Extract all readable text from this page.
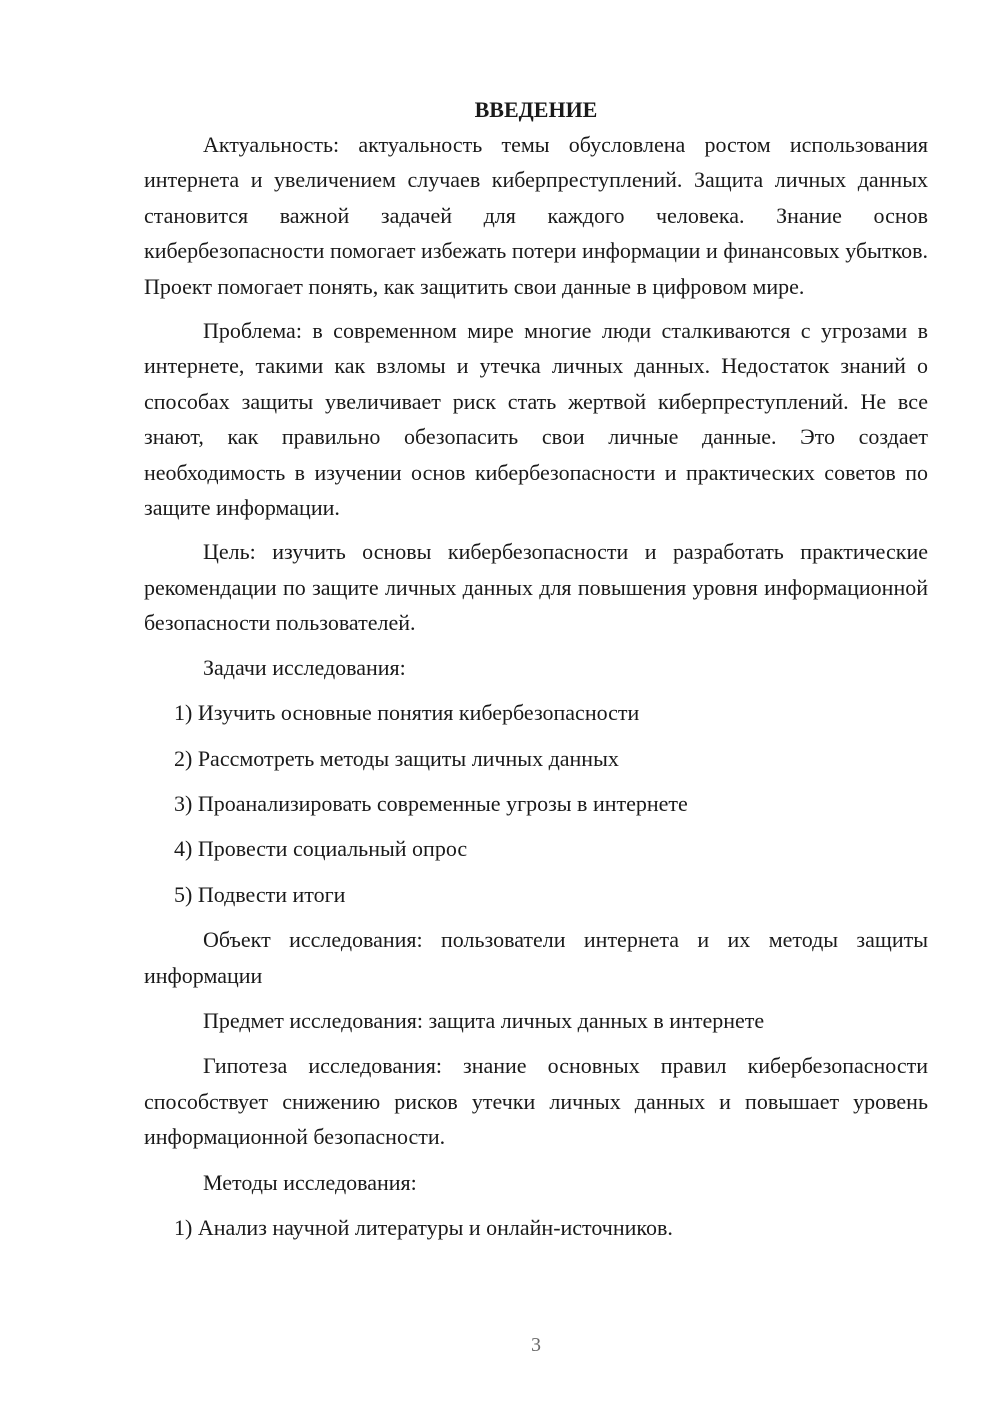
ВВЕДЕНИЕ

Актуальность: актуальность темы обусловлена ростом использования интернета и увеличением случаев киберпреступлений. Защита личных данных становится важной задачей для каждого человека. Знание основ кибербезопасности помогает избежать потери информации и финансовых убытков. Проект помогает понять, как защитить свои данные в цифровом мире.

Проблема: в современном мире многие люди сталкиваются с угрозами в интернете, такими как взломы и утечка личных данных. Недостаток знаний о способах защиты увеличивает риск стать жертвой киберпреступлений. Не все знают, как правильно обезопасить свои личные данные. Это создает необходимость в изучении основ кибербезопасности и практических советов по защите информации.

Цель: изучить основы кибербезопасности и разработать практические рекомендации по защите личных данных для повышения уровня информационной безопасности пользователей.

Задачи исследования:

1) Изучить основные понятия кибербезопасности

2) Рассмотреть методы защиты личных данных

3) Проанализировать современные угрозы в интернете

4) Провести социальный опрос

5) Подвести итоги

Объект исследования: пользователи интернета и их методы защиты информации

Предмет исследования: защита личных данных в интернете

Гипотеза исследования: знание основных правил кибербезопасности способствует снижению рисков утечки личных данных и повышает уровень информационной безопасности.

Методы исследования:

1) Анализ научной литературы и онлайн-источников.

3
